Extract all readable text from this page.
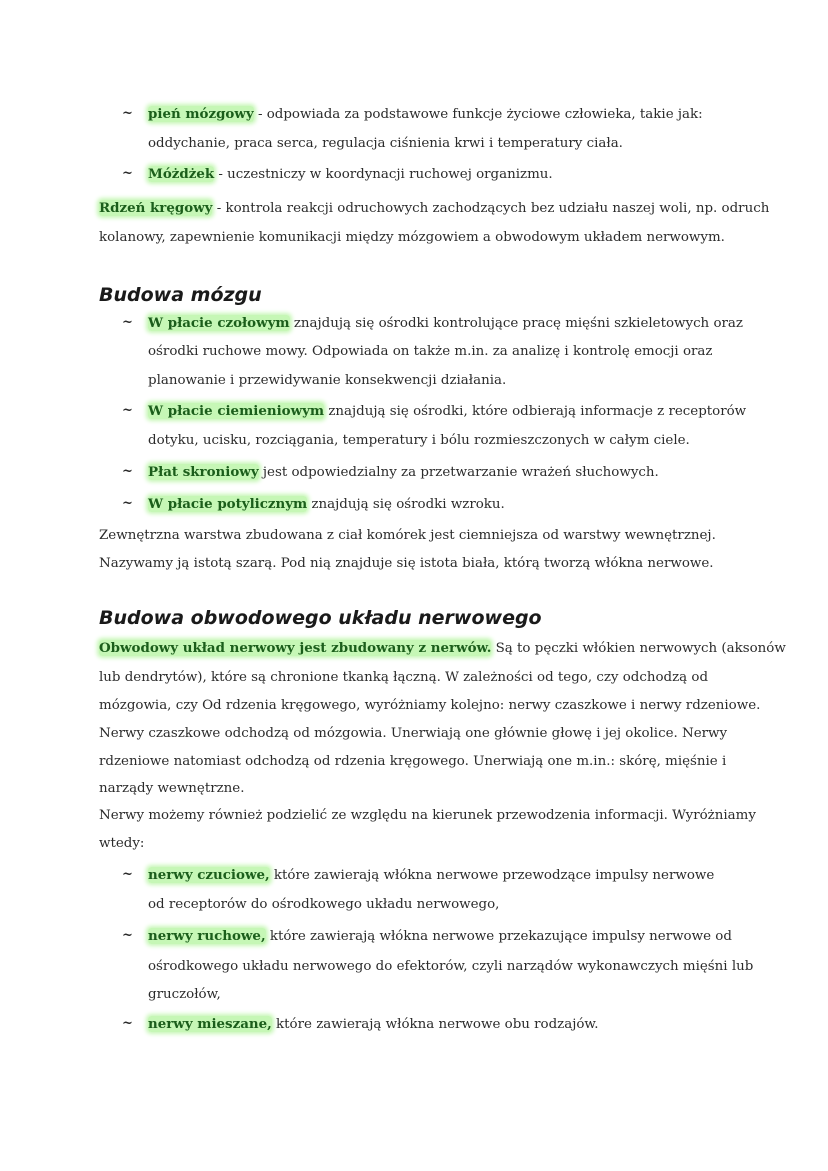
~ pień mózgowy - odpowiada za podstawowe funkcje życiowe człowieka, takie jak:
oddychanie, praca serca, regulacja ciśnienia krwi i temperatury ciała.
~ Móżdżek - uczestniczy w koordynacji ruchowej organizmu.
Rdzeń kręgowy - kontrola reakcji odruchowych zachodzących bez udziału naszej woli, np. odruch
kolanowy, zapewnienie komunikacji między mózgowiem a obwodowym układem nerwowym.
Budowa mózgu
~ W płacie czołowym znajdują się ośrodki kontrolujące pracę mięśni szkieletowych oraz
ośrodki ruchowe mowy. Odpowiada on także m.in. za analizę i kontrolę emocji oraz
planowanie i przewidywanie konsekwencji działania.
~ W płacie ciemieniowym znajdują się ośrodki, które odbierają informacje z receptorów
dotyku, ucisku, rozciągania, temperatury i bólu rozmieszczonych w całym ciele.
~ Płat skroniowy jest odpowiedzialny za przetwarzanie wrażeń słuchowych.
~ W płacie potylicznym znajdują się ośrodki wzroku.
Zewnętrzna warstwa zbudowana z ciał komórek jest ciemniejsza od warstwy wewnętrznej.
Nazywamy ją istotą szarą. Pod nią znajduje się istota biała, którą tworzą włókna nerwowe.
Budowa obwodowego układu nerwowego
Obwodowy układ nerwowy jest zbudowany z nerwów. Są to pęczki włókien nerwowych (aksonów
lub dendrytów), które są chronione tkanką łączną. W zależności od tego, czy odchodzą od
mózgowia, czy Od rdzenia kręgowego, wyróżniamy kolejno: nerwy czaszkowe i nerwy rdzeniowe.
Nerwy czaszkowe odchodzą od mózgowia. Unerwiają one głównie głowę i jej okolice. Nerwy
rdzeniowe natomiast odchodzą od rdzenia kręgowego. Unerwiają one m.in.: skórę, mięśnie i
narządy wewnętrzne.
Nerwy możemy również podzielić ze względu na kierunek przewodzenia informacji. Wyróżniamy
wtedy:
~ nerwy czuciowe, które zawierają włókna nerwowe przewodzące impulsy nerwowe
od receptorów do ośrodkowego układu nerwowego,
~ nerwy ruchowe, które zawierają włókna nerwowe przekazujące impulsy nerwowe od
ośrodkowego układu nerwowego do efektorów, czyli narządów wykonawczych mięśni lub
gruczołów,
~ nerwy mieszane, które zawierają włókna nerwowe obu rodzajów.
